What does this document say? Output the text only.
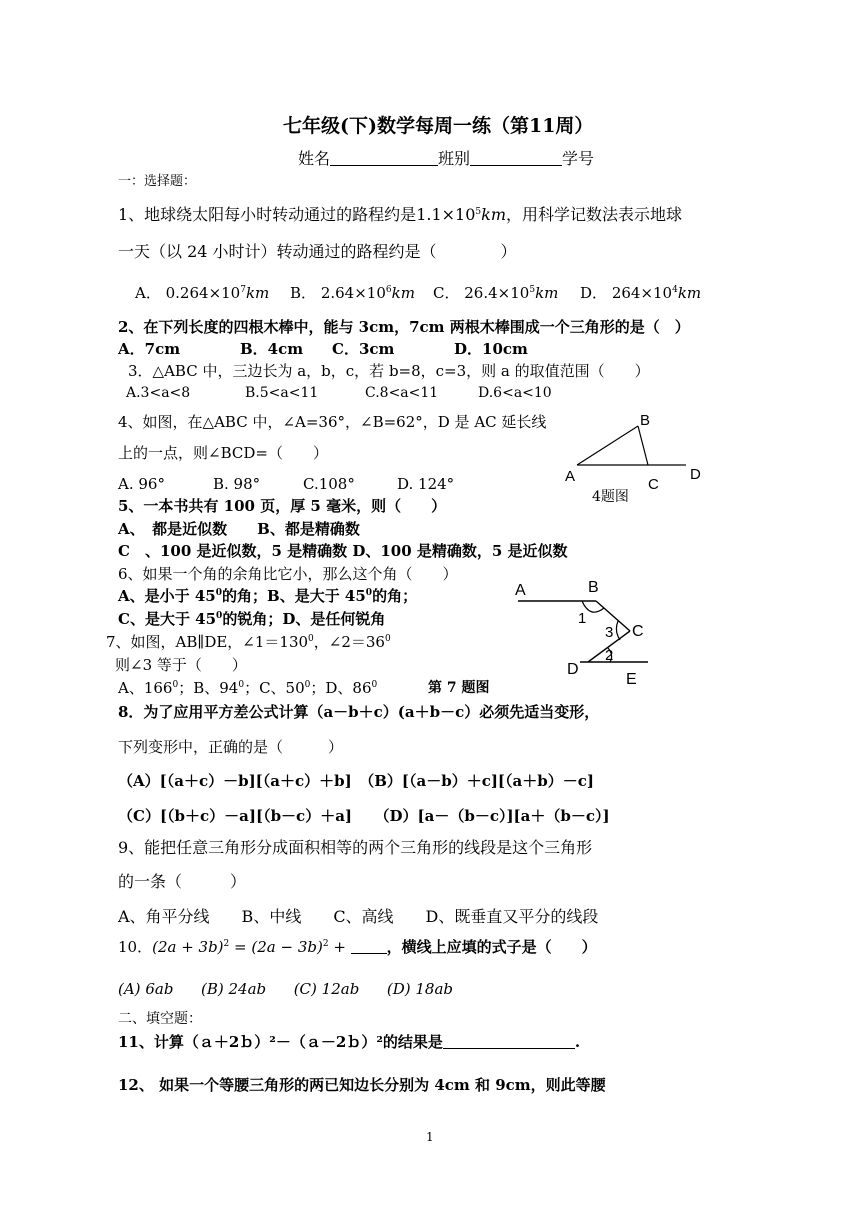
七年级(下)数学每周一练（第11周）
姓名	班别	学号
一：选择题：
1、地球绕太阳每小时转动通过的路程约是$1.1\times 10^5km$，用科学记数法表示地球
一天（以 24 小时计）转动通过的路程约是（　　　　）
A． $0.264\times 10^7km$ B． $2.64\times 10^6km$ C． $26.4\times 10^5km$ D． $264\times 10^4km$
2、在下列长度的四根木棒中，能与 3cm，7cm 两根木棒围成一个三角形的是（　）
A．7cm	B．4cm C．3cm	D．10cm
3．△ABC 中，三边长为 a，b，c，若 b=8，c=3，则 a 的取值范围（　　）
A.3<a<8	B.5<a<11	C.8<a<11	D.6<a<10
4、如图，在△ABC 中，∠A=36°，∠B=62°，D 是 AC 延长线
上的一点，则∠BCD=（　　）
A. 96°	B. 98°	C.108°	D. 124°
B
A	C
D
4题图
5、一本书共有 100 页，厚 5 毫米，则（　　）
A、　都是近似数　　B、都是精确数
C　、100 是近似数，5 是精确数 D、100 是精确数，5 是近似数
6、如果一个角的余角比它小，那么这个角（　　）
A、是小于 $45^0$的角；B、是大于 $45^0$的角；
C、是大于 $45^0$的锐角；D、是任何锐角
7、如图，AB∥DE，$\angle 1=130^0$，$\angle 2=36^0$
则∠3 等于（　　）
A、$166^0$；B、$94^0$；C、$50^0$；D、$86^0$	第 7 题图
A	B
C
D
E
1
2
3
8．为了应用平方差公式计算（a－b＋c）(a＋b－c）必须先适当变形，
下列变形中，正确的是（　　　）
（A）[（a＋c）－b][（a＋c）＋b]　（B）[（a－b）＋c][（a＋b）－c]
（C）[（b＋c）－a][（b－c）＋a]　　（D）[a－（b－c）][a＋（b－c）]
9、能把任意三角形分成面积相等的两个三角形的线段是这个三角形
的一条（　　　）
A、角平分线　　B、中线　　C、高线　　D、既垂直又平分的线段
10．$(2a + 3b)^2 = (2a - 3b)^2$ + ，横线上应填的式子是（　　）
(A) 6ab (B) 24ab (C) 12ab (D) 18ab
二、填空题：
11、计算（ａ＋2ｂ）²－（ａ－2ｂ）²的结果是	.
12、 如果一个等腰三角形的两已知边长分别为 4cm 和 9cm，则此等腰
1
